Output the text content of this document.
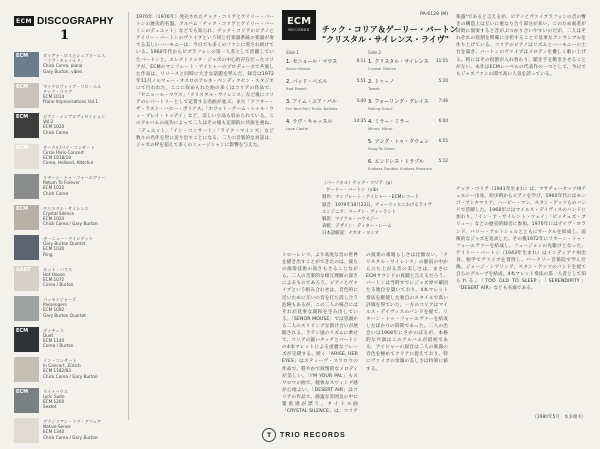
ECM DISCOGRAPHY
1
ECM	ダイアナ・ロスとシュプリームス
「ラヴ・チャイルド」
Chick Corea, piano
Gary Burton, vibes
ECM	マイクロヴァイブ・ソロ・エル
チック・コリア
ECM 1014
Piano Improvisations Vol.1
ECM	ピアノ・インプロヴィゼイション
Vol.2
ECM 1020
Chick Corea
ECM	サークル/パリ・コンサート
Circle Paris-Concert
ECM 1018/19
Corea, Holland, Altschul
リターン・トゥ・フォーエヴァー
Return To Forever
ECM 1022
Chick Corea
ECM	クリスタル・サイレンス
Crystal Silence
ECM 1024
Chick Corea / Gary Burton
ザ・ニュー・クインテット
Gary Burton Quintet
ECM 1030
Ring
SART	ホット・ハウス
Hot House
ECM 1072
Corea / Burton
パッセンジャーズ
Passengers
ECM 1092
Gary Burton Quartet
ECM	ダッチェス
Duet
ECM 1140
Corea / Burton
イン・コンサート
In Concert, Zürich
ECM 1182/83
Chick Corea / Gary Burton
ECM	ライトハウス
Lyric Suite
ECM 1260
Sextet
ブラジリアン・ラヴ・アフェア
Native Sense
ECM 1340
Chick Corea / Gary Burton

1970年（1976年）発売されたチック・コリアとゲイリー・バートンの歴史的名盤。アルバム「チック・コリアとゲイリー・バートンのデュエット」などでも知られ、チック・コリアのピアノとゲイリー・バートンのヴァイブという同じ打楽器系統の楽器が奏でる美しいハーモニーは、今日でも多くのファンに愛され続けている。1960年代からビブラフォンの第一人者として活躍していたバートンと、エレクトリック・ジャズの中心的存在だったコリアが、ECMのマンフレート・アイヒャーのプロデュースで共演した作品は、リリースと同時に大きな話題を呼んだ。録音は1972年11月ノルウェー・オスロのアルネ・ベンディクセン・スタジオにて行われた。ここに収められた曲の多くはコリアの作品で、「セニョール・マウス」「クリスタル・サイレンス」など後にコリアのレパートリーとして定着する名曲が並ぶ。また「アフター・ザ・ラスト・ハロー・ポリナス」「ホワット・ゲーム・シャル・ウィ・プレイ・トゥデイ」など、美しい小品も収められている。このアルバムの成功によって二人はその後も定期的に共演を重ね、「デュエット」「イン・コンサート」「ライク・マインズ」など数々の名作を世に送り出すことになる。二人の音楽的な対話は、ジャズの枠を超えて多くのミュージシャンに影響を与えた。

ECM
RECORDS
PA-6129 (M)
チック・コリア＆ゲーリー・バートン
"クリスタル・サイレンス・ライヴ"
Side 1
1. セニョール・マウス
Senor Mouse
6:11
2. バッド・ペエル
Bud Powell
5:51
3. アイム・ユア・パル
I'm Your Pal / Hullo, Bolinas
5:40
4. ラヴ・キャッスル
Love Castle
14:35
Side 2
1. クリスタル・サイレンス
Crystal Silence
11:55
2. トゥーノ
Tweak
5:20
3. フォーリング・グレイス
Falling Grace
7:46
4. ミラー・ミラー
Mirror, Mirror
6:04
5. ソング・トゥ・グウェン
Song To Gwen
6:55
6. エンドレス・トラブル
Endless Trouble, Endless Pleasure
5:12
（パーソネル）チック・コリア（p）
ゲーリー・バートン（vib）
制作：マンフレート・アイヒャー・ECMレコード
録音：1979年10月23日、チューリッヒにおけるライヴ
エンジニア：マーチン・ヴィーラント
解説：マイケル・ハウスジー
表紙：デザイン：ディター・レーム
日本語解説：ナカオ・ヨシオ

トローレンツ、より高度な音の世界を描き出すことができたのは、彼らの演奏技術の高さもさることながら、二人の音楽的な相互理解の深さによるものであろう。ピアノとヴァイブという組み合わせは、音色的に近いために互いの音を打ち消し合う危険もあるが、この二人の場合にはそれが見事な調和を生み出している。「SENOR MOUSE」では冒頭から二人のスリリングな掛け合いが展開される。ラテン風のリズムに乗せて、コリアの鋭いタッチとバートンの4本マレットによる流麗なフレーズが交錯する。続く「ARISE, HER EYES」はスティーヴ・スワロウの作品で、穏やかで叙情的なメロディが美しい。「I'M YOUR PAL」もスワロウの曲で、軽快なスウィング感が心地よい。「DESERT AIR」はコリアの作品で、静謐な雰囲気の中に緊張感が漂う。タイトル曲「CRYSTAL SILENCE」は、コリア

の演奏の素晴らしさは比類ない。「クリスタル・サイレンス」の静寂の中から立ち上がる音の美しさは、まさにECMサウンドの真髄と言えるだろう。バートンは当時すでにジャズ界で確固たる地位を築いており、4本マレット奏法を駆使した独自のスタイルで高い評価を得ていた。一方のコリアはマイルス・デイヴィスのバンドを経て、リターン・トゥ・フォーエヴァーを結成したばかりの時期であった。二人の出会いは1968年にさかのぼるが、本格的な共演はこのアルバムが最初である。アイヒャーの録音は二人の楽器の音色を極めてクリアに捉えており、特にヴァイブの余韻の美しさは特筆に値する。

楽器"であると言えるが、ピアノとヴァイブラフォンの音の響きの構造上は互いに重なり合う部分が多い。このため両者が同時に演奏すると音がぶつかり合いやすいのだが、二人はそれぞれの役割を明確に分担することで見事なアンサンブルを作り上げている。コリアのピアノはリズムとハーモニーの土台を築き、バートンのヴァイブはメロディを優しく歌い上げる。時にはその役割が入れ替わり、聴き手を飽きさせることがない。本作はECMレーベルの代表作の一つとして、今日でもジャズファンの間で高い人気を誇っている。

チック・コリア（1941年生まれ）は、マサチューセッツ州チェルシー出身。幼少時からピアノを学び、1960年代にはモンゴ・サンタマリア、ハービー・マン、スタン・ゲッツらのバンドで活躍した。1968年にはマイルス・デイヴィスのバンドに加わり、「イン・ア・サイレント・ウェイ」「ビッチェズ・ブリュー」などの歴史的録音に参加。1970年にはデイヴ・ホランド、バリー・アルトシュルとともにサークルを結成し、前衛的なジャズを追求した。その後1972年にリターン・トゥ・フォーエヴァーを結成し、フュージョンの先駆けとなった。ゲイリー・バートン（1943年生まれ）はインディアナ州出身。独学でヴァイブを習得し、バークリー音楽院で学んだ後、ジョージ・シアリング、スタン・ゲッツのバンドを経て自らのグループを結成。4本マレット奏法の第一人者として知られる。「TOO OLD TO SLEEP」「SERENDIPITY」「DESERT AIR」なども名演である。

（1980年5月　本多俊夫）
T	TRIO RECORDS
